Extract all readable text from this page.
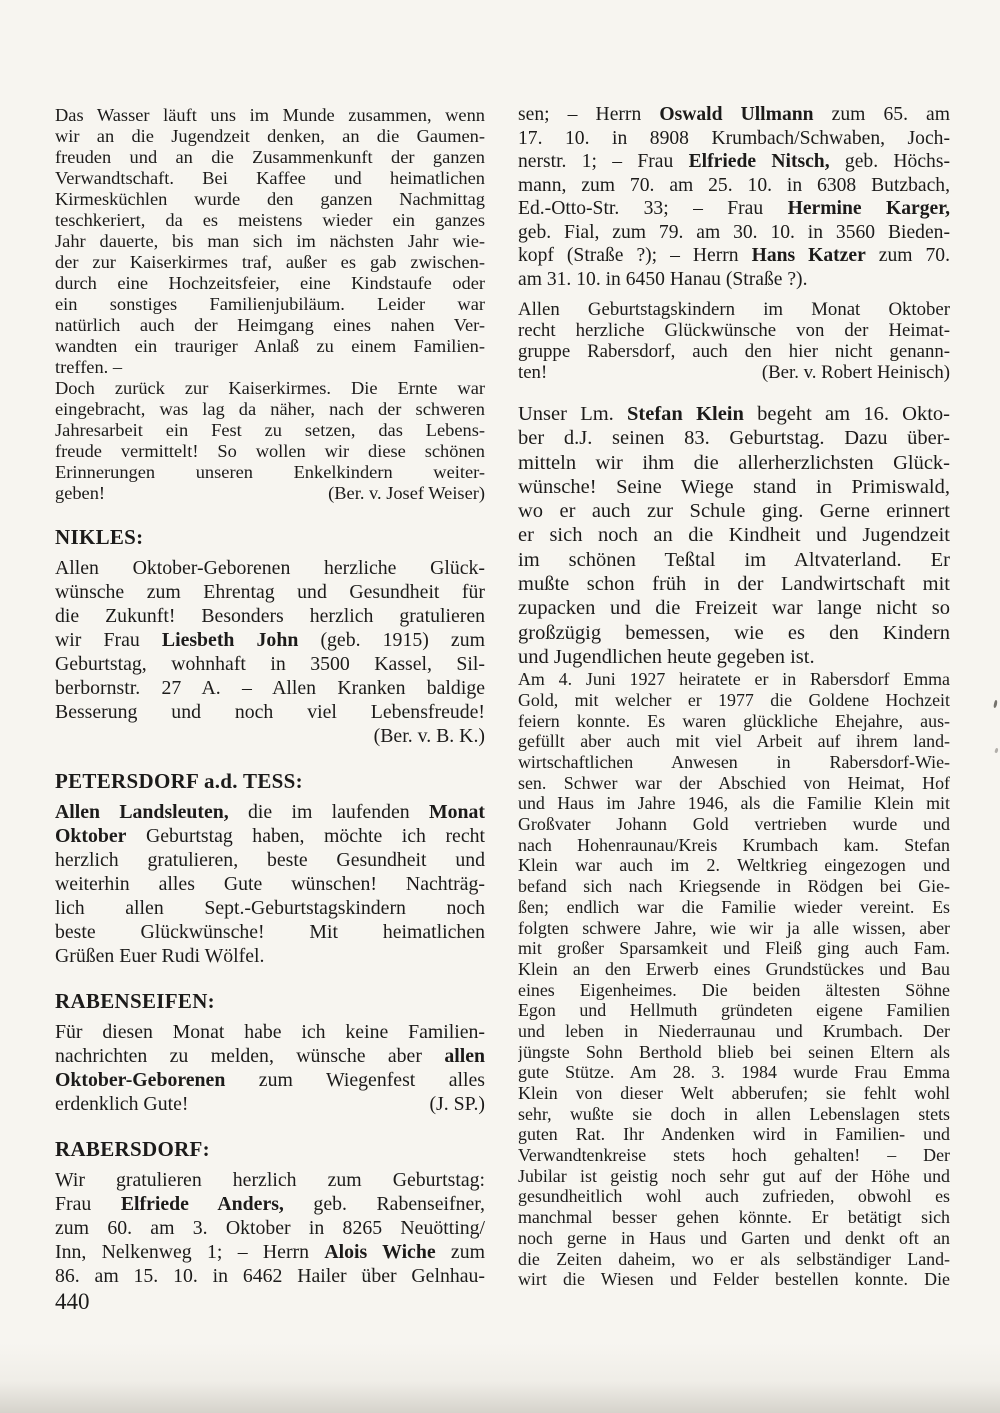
Das Wasser läuft uns im Munde zusammen, wenn
wir an die Jugendzeit denken, an die Gaumen-
freuden und an die Zusammenkunft der ganzen
Verwandtschaft. Bei Kaffee und heimatlichen
Kirmesküchlen wurde den ganzen Nachmittag
teschkeriert, da es meistens wieder ein ganzes
Jahr dauerte, bis man sich im nächsten Jahr wie-
der zur Kaiserkirmes traf, außer es gab zwischen-
durch eine Hochzeitsfeier, eine Kindstaufe oder
ein sonstiges Familienjubiläum. Leider war
natürlich auch der Heimgang eines nahen Ver-
wandten ein trauriger Anlaß zu einem Familien-
treffen. –
Doch zurück zur Kaiserkirmes. Die Ernte war
eingebracht, was lag da näher, nach der schweren
Jahresarbeit ein Fest zu setzen, das Lebens-
freude vermittelt! So wollen wir diese schönen
Erinnerungen unseren Enkelkindern weiter-
geben!	(Ber. v. Josef Weiser)
NIKLES:
Allen Oktober-Geborenen herzliche Glück-
wünsche zum Ehrentag und Gesundheit für
die Zukunft! Besonders herzlich gratulieren
wir Frau Liesbeth John (geb. 1915) zum
Geburtstag, wohnhaft in 3500 Kassel, Sil-
berbornstr. 27 A. – Allen Kranken baldige
Besserung und noch viel Lebensfreude!
(Ber. v. B. K.)
PETERSDORF a.d. TESS:
Allen Landsleuten, die im laufenden Monat
Oktober Geburtstag haben, möchte ich recht
herzlich gratulieren, beste Gesundheit und
weiterhin alles Gute wünschen! Nachträg-
lich allen Sept.-Geburtstagskindern noch
beste Glückwünsche! Mit heimatlichen
Grüßen Euer Rudi Wölfel.
RABENSEIFEN:
Für diesen Monat habe ich keine Familien-
nachrichten zu melden, wünsche aber allen
Oktober-Geborenen zum Wiegenfest alles
erdenklich Gute!	(J. SP.)
RABERSDORF:
Wir gratulieren herzlich zum Geburtstag:
Frau Elfriede Anders, geb. Rabenseifner,
zum 60. am 3. Oktober in 8265 Neuötting/
Inn, Nelkenweg 1; – Herrn Alois Wiche zum
86. am 15. 10. in 6462 Hailer über Gelnhau-
sen; – Herrn Oswald Ullmann zum 65. am
17. 10. in 8908 Krumbach/Schwaben, Joch-
nerstr. 1; – Frau Elfriede Nitsch, geb. Höchs-
mann, zum 70. am 25. 10. in 6308 Butzbach,
Ed.-Otto-Str. 33; – Frau Hermine Karger,
geb. Fial, zum 79. am 30. 10. in 3560 Bieden-
kopf (Straße ?); – Herrn Hans Katzer zum 70.
am 31. 10. in 6450 Hanau (Straße ?).
Allen Geburtstagskindern im Monat Oktober
recht herzliche Glückwünsche von der Heimat-
gruppe Rabersdorf, auch den hier nicht genann-
ten!	(Ber. v. Robert Heinisch)
Unser Lm. Stefan Klein begeht am 16. Okto-
ber d.J. seinen 83. Geburtstag. Dazu über-
mitteln wir ihm die allerherzlichsten Glück-
wünsche! Seine Wiege stand in Primiswald,
wo er auch zur Schule ging. Gerne erinnert
er sich noch an die Kindheit und Jugendzeit
im schönen Teßtal im Altvaterland. Er
mußte schon früh in der Landwirtschaft mit
zupacken und die Freizeit war lange nicht so
großzügig bemessen, wie es den Kindern
und Jugendlichen heute gegeben ist.
Am 4. Juni 1927 heiratete er in Rabersdorf Emma
Gold, mit welcher er 1977 die Goldene Hochzeit
feiern konnte. Es waren glückliche Ehejahre, aus-
gefüllt aber auch mit viel Arbeit auf ihrem land-
wirtschaftlichen Anwesen in Rabersdorf-Wie-
sen. Schwer war der Abschied von Heimat, Hof
und Haus im Jahre 1946, als die Familie Klein mit
Großvater Johann Gold vertrieben wurde und
nach Hohenraunau/Kreis Krumbach kam. Stefan
Klein war auch im 2. Weltkrieg eingezogen und
befand sich nach Kriegsende in Rödgen bei Gie-
ßen; endlich war die Familie wieder vereint. Es
folgten schwere Jahre, wie wir ja alle wissen, aber
mit großer Sparsamkeit und Fleiß ging auch Fam.
Klein an den Erwerb eines Grundstückes und Bau
eines Eigenheimes. Die beiden ältesten Söhne
Egon und Hellmuth gründeten eigene Familien
und leben in Niederraunau und Krumbach. Der
jüngste Sohn Berthold blieb bei seinen Eltern als
gute Stütze. Am 28. 3. 1984 wurde Frau Emma
Klein von dieser Welt abberufen; sie fehlt wohl
sehr, wußte sie doch in allen Lebenslagen stets
guten Rat. Ihr Andenken wird in Familien- und
Verwandtenkreise stets hoch gehalten! – Der
Jubilar ist geistig noch sehr gut auf der Höhe und
gesundheitlich wohl auch zufrieden, obwohl es
manchmal besser gehen könnte. Er betätigt sich
noch gerne in Haus und Garten und denkt oft an
die Zeiten daheim, wo er als selbständiger Land-
wirt die Wiesen und Felder bestellen konnte. Die
440
